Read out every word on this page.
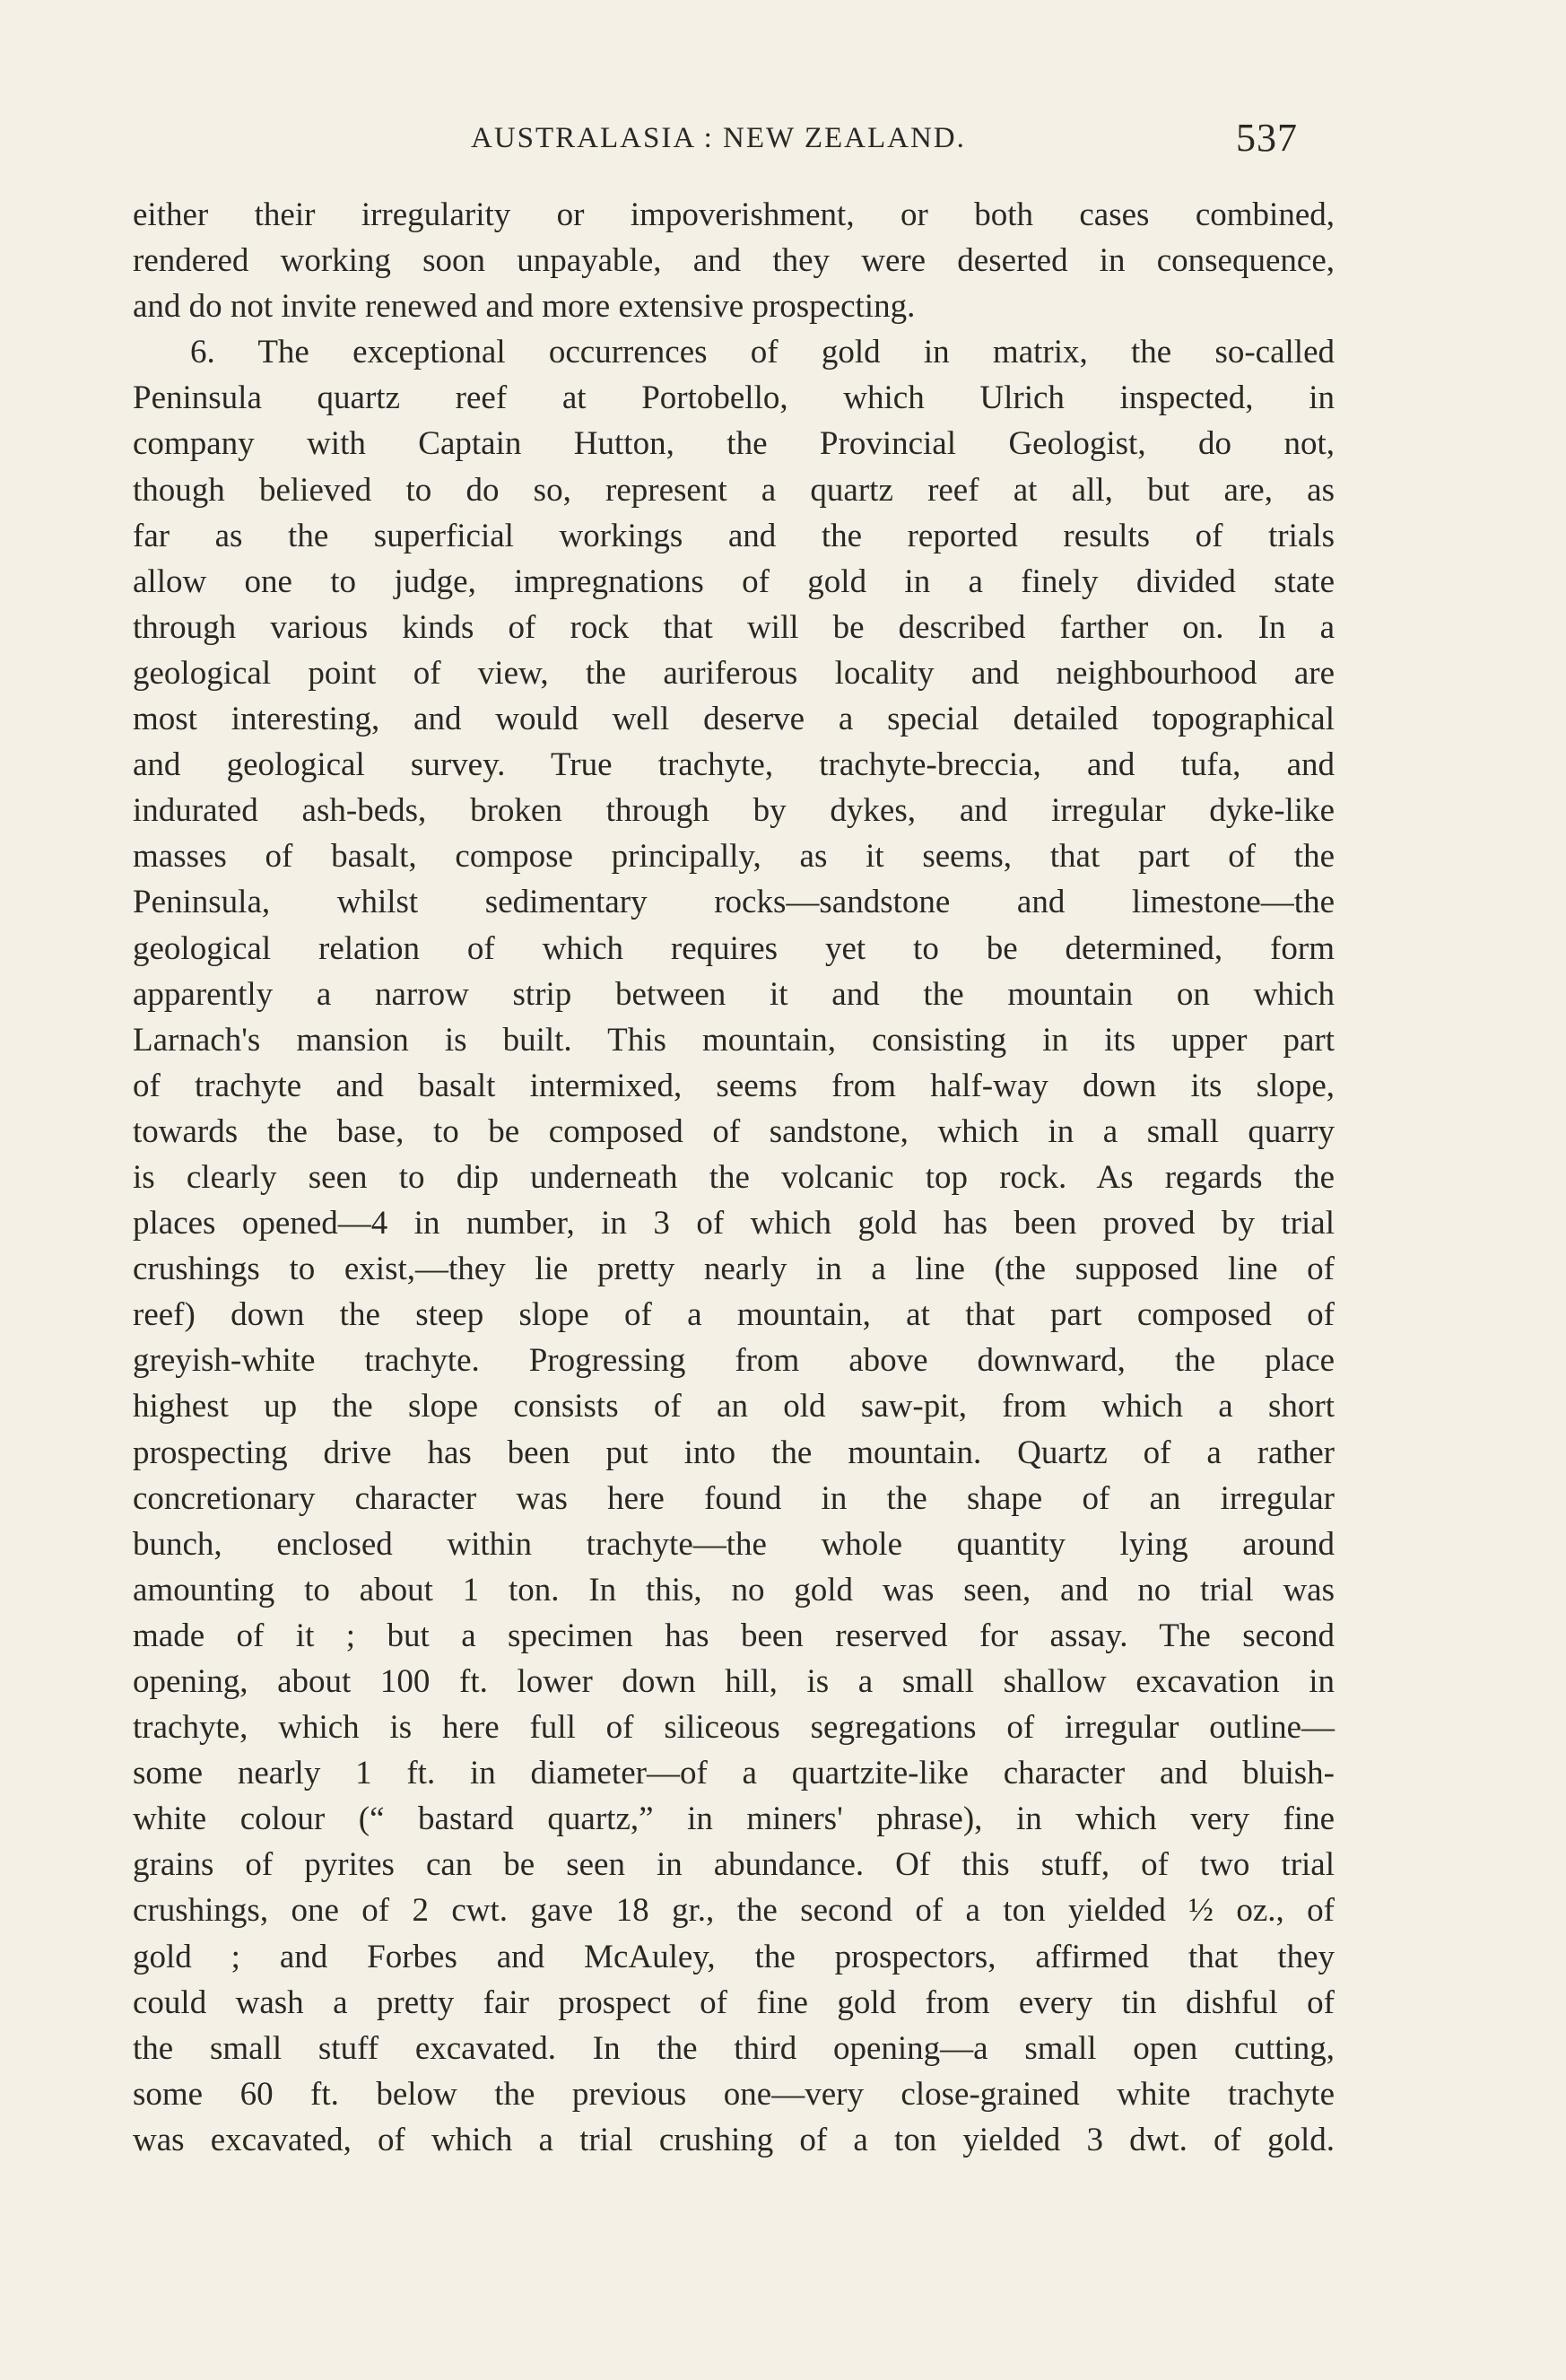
AUSTRALASIA : NEW ZEALAND.	537
either their irregularity or impoverishment, or both cases combined,
rendered working soon unpayable, and they were deserted in consequence,
and do not invite renewed and more extensive prospecting.
6. The exceptional occurrences of gold in matrix, the so-called
Peninsula quartz reef at Portobello, which Ulrich inspected, in
company with Captain Hutton, the Provincial Geologist, do not,
though believed to do so, represent a quartz reef at all, but are, as
far as the superficial workings and the reported results of trials
allow one to judge, impregnations of gold in a finely divided state
through various kinds of rock that will be described farther on. In a
geological point of view, the auriferous locality and neighbourhood are
most interesting, and would well deserve a special detailed topographical
and geological survey. True trachyte, trachyte-breccia, and tufa, and
indurated ash-beds, broken through by dykes, and irregular dyke-like
masses of basalt, compose principally, as it seems, that part of the
Peninsula, whilst sedimentary rocks—sandstone and limestone—the
geological relation of which requires yet to be determined, form
apparently a narrow strip between it and the mountain on which
Larnach's mansion is built. This mountain, consisting in its upper part
of trachyte and basalt intermixed, seems from half-way down its slope,
towards the base, to be composed of sandstone, which in a small quarry
is clearly seen to dip underneath the volcanic top rock. As regards the
places opened—4 in number, in 3 of which gold has been proved by trial
crushings to exist,—they lie pretty nearly in a line (the supposed line of
reef) down the steep slope of a mountain, at that part composed of
greyish-white trachyte. Progressing from above downward, the place
highest up the slope consists of an old saw-pit, from which a short
prospecting drive has been put into the mountain. Quartz of a rather
concretionary character was here found in the shape of an irregular
bunch, enclosed within trachyte—the whole quantity lying around
amounting to about 1 ton. In this, no gold was seen, and no trial was
made of it ; but a specimen has been reserved for assay. The second
opening, about 100 ft. lower down hill, is a small shallow excavation in
trachyte, which is here full of siliceous segregations of irregular outline—
some nearly 1 ft. in diameter—of a quartzite-like character and bluish-
white colour (“ bastard quartz,” in miners' phrase), in which very fine
grains of pyrites can be seen in abundance. Of this stuff, of two trial
crushings, one of 2 cwt. gave 18 gr., the second of a ton yielded ½ oz., of
gold ; and Forbes and McAuley, the prospectors, affirmed that they
could wash a pretty fair prospect of fine gold from every tin dishful of
the small stuff excavated. In the third opening—a small open cutting,
some 60 ft. below the previous one—very close-grained white trachyte
was excavated, of which a trial crushing of a ton yielded 3 dwt. of gold.
